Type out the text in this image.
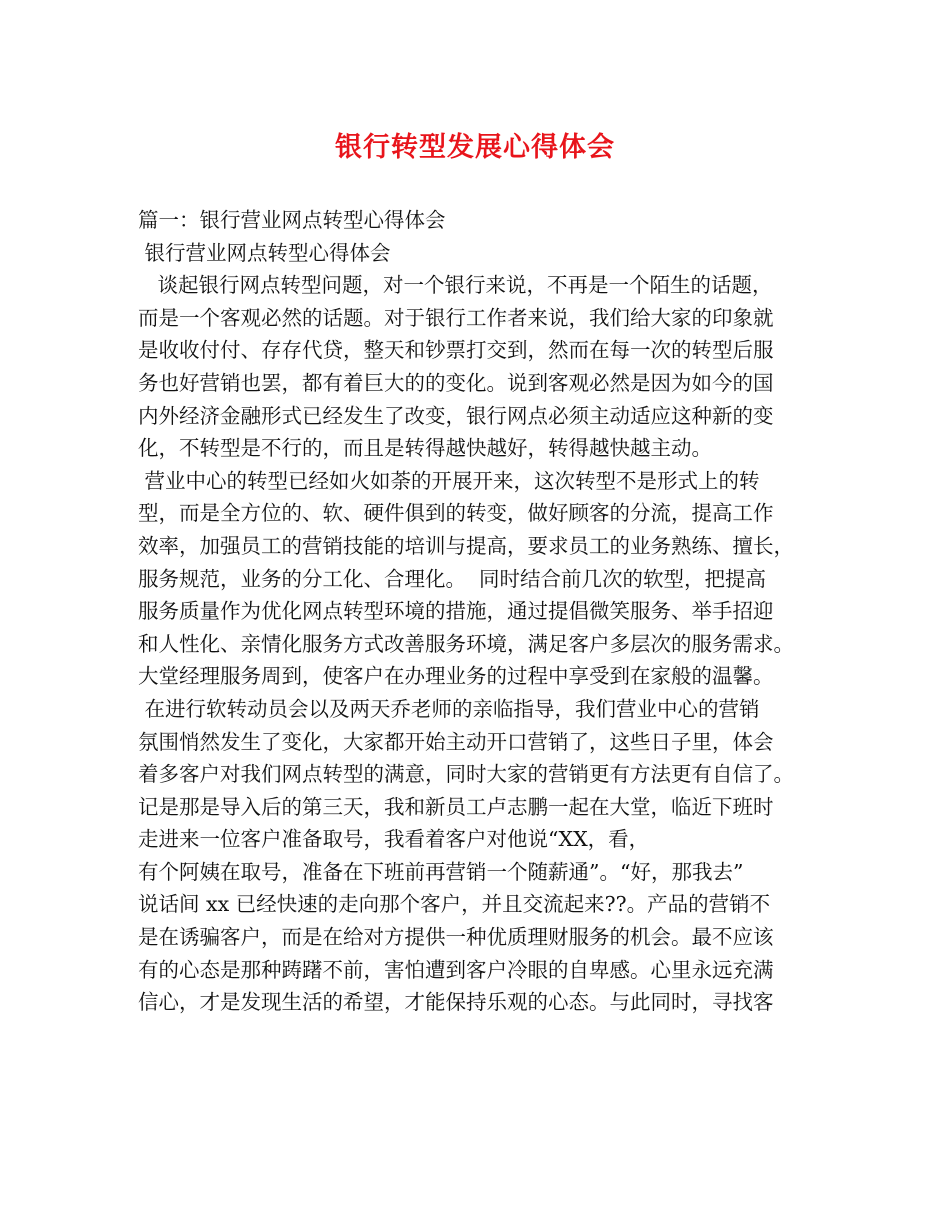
银行转型发展心得体会
篇一：银行营业网点转型心得体会
银行营业网点转型心得体会
谈起银行网点转型问题，对一个银行来说，不再是一个陌生的话题，
而是一个客观必然的话题。对于银行工作者来说，我们给大家的印象就
是收收付付、存存代贷，整天和钞票打交到，然而在每一次的转型后服
务也好营销也罢，都有着巨大的的变化。说到客观必然是因为如今的国
内外经济金融形式已经发生了改变，银行网点必须主动适应这种新的变
化，不转型是不行的，而且是转得越快越好，转得越快越主动。
营业中心的转型已经如火如荼的开展开来，这次转型不是形式上的转
型，而是全方位的、软、硬件俱到的转变，做好顾客的分流，提高工作
效率，加强员工的营销技能的培训与提高，要求员工的业务熟练、擅长，
服务规范，业务的分工化、合理化。  同时结合前几次的软型，把提高
服务质量作为优化网点转型环境的措施，通过提倡微笑服务、举手招迎
和人性化、亲情化服务方式改善服务环境，满足客户多层次的服务需求。
大堂经理服务周到，使客户在办理业务的过程中享受到在家般的温馨。
在进行软转动员会以及两天乔老师的亲临指导，我们营业中心的营销
氛围悄然发生了变化，大家都开始主动开口营销了，这些日子里，体会
着多客户对我们网点转型的满意，同时大家的营销更有方法更有自信了。
记是那是导入后的第三天，我和新员工卢志鹏一起在大堂，临近下班时
走进来一位客户准备取号，我看着客户对他说“XX，看，
有个阿姨在取号，准备在下班前再营销一个随薪通”。“好，那我去”
说话间 xx 已经快速的走向那个客户，并且交流起来??。产品的营销不
是在诱骗客户，而是在给对方提供一种优质理财服务的机会。最不应该
有的心态是那种踌躇不前，害怕遭到客户冷眼的自卑感。心里永远充满
信心，才是发现生活的希望，才能保持乐观的心态。与此同时，寻找客
